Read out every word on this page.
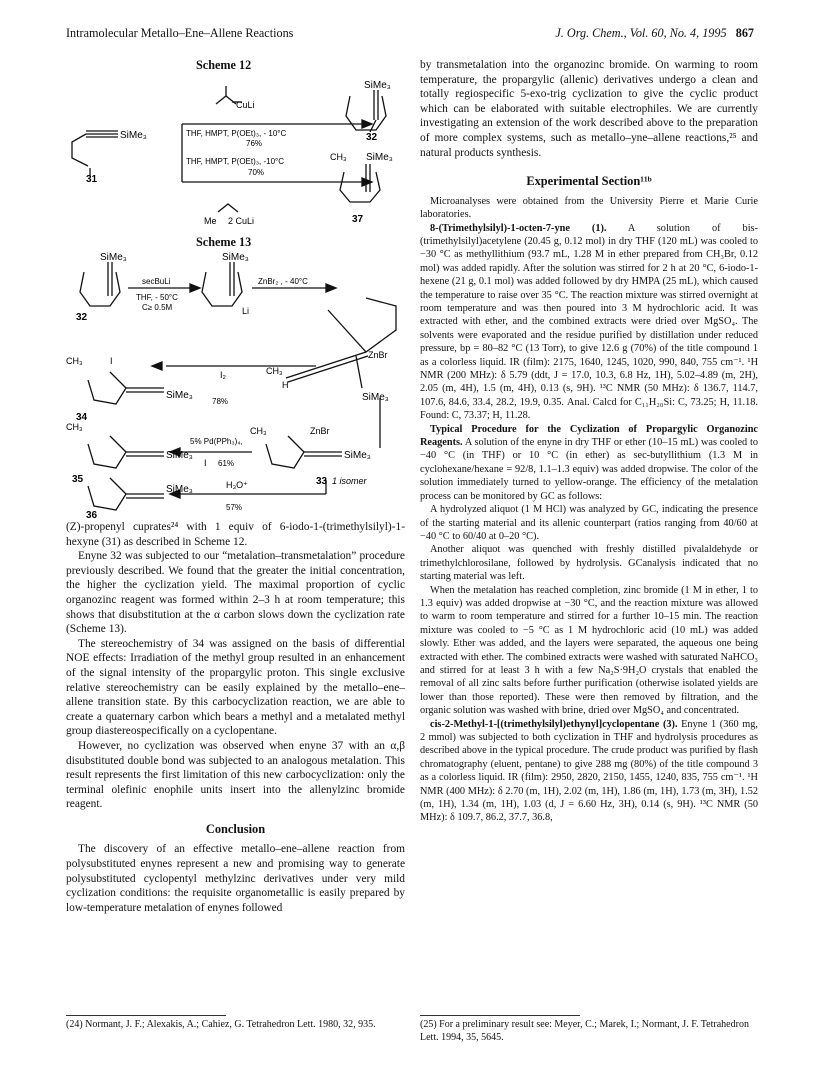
Intramolecular Metallo–Ene–Allene Reactions	J. Org. Chem., Vol. 60, No. 4, 1995 867
Scheme 12
SiMe₃
31
CuLi
THF, HMPT, P(OEt)₃, - 10°C
76%
THF, HMPT, P(OEt)₃, -10°C
70%
Me 2 CuLi
SiMe₃
32
CH₃ SiMe₃
37
Scheme 13
SiMe₃
secBuLi
THF, - 50°C
C≥ 0.5M
32
SiMe₃
Li
ZnBr₂ , - 40°C
CH₃
H
ZnBr
SiMe₃
CH₃	I
SiMe₃
I₂
78%
34
CH₃
SiMe₃
5% Pd(PPh₃)₄,
I 61%
35
CH₃	ZnBr
SiMe₃
33 1 isomer
SiMe₃	H₃O⁺
57%
36

(Z)-propenyl cuprates²⁴ with 1 equiv of 6-iodo-1-(trimethylsilyl)-1-hexyne (31) as described in Scheme 12.

Enyne 32 was subjected to our “metalation–transmetalation” procedure previously described. We found that the greater the initial concentration, the higher the cyclization yield. The maximal proportion of cyclic organozinc reagent was formed within 2–3 h at room temperature; this shows that disubstitution at the α carbon slows down the cyclization rate (Scheme 13).

The stereochemistry of 34 was assigned on the basis of differential NOE effects: Irradiation of the methyl group resulted in an enhancement of the signal intensity of the propargylic proton. This single exclusive relative stereochemistry can be easily explained by the metallo–ene–allene transition state. By this carbocyclization reaction, we are able to create a quaternary carbon which bears a methyl and a metalated methyl group diastereospecifically on a cyclopentane.

However, no cyclization was observed when enyne 37 with an α,β disubstituted double bond was subjected to an analogous metalation. This result represents the first limitation of this new carbocyclization: only the terminal olefinic enophile units insert into the allenylzinc bromide reagent.

Conclusion

The discovery of an effective metallo–ene–allene reaction from polysubstituted enynes represent a new and promising way to generate polysubstituted cyclopentyl methylzinc derivatives under very mild cyclization conditions: the requisite organometallic is easily prepared by low-temperature metalation of enynes followed

(24) Normant, J. F.; Alexakis, A.; Cahiez, G. Tetrahedron Lett. 1980, 32, 935.

by transmetalation into the organozinc bromide. On warming to room temperature, the propargylic (allenic) derivatives undergo a clean and totally regiospecific 5-exo-trig cyclization to give the cyclic product which can be elaborated with suitable electrophiles. We are currently investigating an extension of the work described above to the preparation of more complex systems, such as metallo–yne–allene reactions,²⁵ and natural products synthesis.

Experimental Section¹¹ᵇ

Microanalyses were obtained from the University Pierre et Marie Curie laboratories.

8-(Trimethylsilyl)-1-octen-7-yne (1). A solution of bis-(trimethylsilyl)acetylene (20.45 g, 0.12 mol) in dry THF (120 mL) was cooled to −30 °C as methyllithium (93.7 mL, 1.28 M in ether prepared from CH₃Br, 0.12 mol) was added rapidly. After the solution was stirred for 2 h at 20 °C, 6-iodo-1-hexene (21 g, 0.1 mol) was added followed by dry HMPA (25 mL), which caused the temperature to raise over 35 °C. The reaction mixture was stirred overnight at room temperature and was then poured into 3 M hydrochloric acid. It was extracted with ether, and the combined extracts were dried over MgSO₄. The solvents were evaporated and the residue purified by distillation under reduced pressure, bp = 80–82 °C (13 Torr), to give 12.6 g (70%) of the title compound 1 as a colorless liquid. IR (film): 2175, 1640, 1245, 1020, 990, 840, 755 cm⁻¹. ¹H NMR (200 MHz): δ 5.79 (ddt, J = 17.0, 10.3, 6.8 Hz, 1H), 5.02–4.89 (m, 2H), 2.05 (m, 4H), 1.5 (m, 4H), 0.13 (s, 9H). ¹³C NMR (50 MHz): δ 136.7, 114.7, 107.6, 84.6, 33.4, 28.2, 19.9, 0.35. Anal. Calcd for C₁₁H₂₀Si: C, 73.25; H, 11.18. Found: C, 73.37; H, 11.28.

Typical Procedure for the Cyclization of Propargylic Organozinc Reagents. A solution of the enyne in dry THF or ether (10–15 mL) was cooled to −40 °C (in THF) or 10 °C (in ether) as sec-butyllithium (1.3 M in cyclohexane/hexane = 92/8, 1.1–1.3 equiv) was added dropwise. The color of the solution immediately turned to yellow-orange. The efficiency of the metalation process can be monitored by GC as follows:

A hydrolyzed aliquot (1 M HCl) was analyzed by GC, indicating the presence of the starting material and its allenic counterpart (ratios ranging from 40/60 at −40 °C to 60/40 at 0–20 °C).

Another aliquot was quenched with freshly distilled pivalaldehyde or trimethylchlorosilane, followed by hydrolysis. GCanalysis indicated that no starting material was left.

When the metalation has reached completion, zinc bromide (1 M in ether, 1 to 1.3 equiv) was added dropwise at −30 °C, and the reaction mixture was allowed to warm to room temperature and stirred for a further 10–15 min. The reaction mixture was cooled to −5 °C as 1 M hydrochloric acid (10 mL) was added slowly. Ether was added, and the layers were separated, the aqueous one being extracted with ether. The combined extracts were washed with saturated NaHCO₃ and stirred for at least 3 h with a few Na₂S·9H₂O crystals that enabled the removal of all zinc salts before further purification (otherwise isolated yields are lower than those reported). These were then removed by filtration, and the organic solution was washed with brine, dried over MgSO₄ and concentrated.

cis-2-Methyl-1-[(trimethylsilyl)ethynyl]cyclopentane (3). Enyne 1 (360 mg, 2 mmol) was subjected to both cyclization in THF and hydrolysis procedures as described above in the typical procedure. The crude product was purified by flash chromatography (eluent, pentane) to give 288 mg (80%) of the title compound 3 as a colorless liquid. IR (film): 2950, 2820, 2150, 1455, 1240, 835, 755 cm⁻¹. ¹H NMR (400 MHz): δ 2.70 (m, 1H), 2.02 (m, 1H), 1.86 (m, 1H), 1.73 (m, 3H), 1.52 (m, 1H), 1.34 (m, 1H), 1.03 (d, J = 6.60 Hz, 3H), 0.14 (s, 9H). ¹³C NMR (50 MHz): δ 109.7, 86.2, 37.7, 36.8,

(25) For a preliminary result see: Meyer, C.; Marek, I.; Normant, J. F. Tetrahedron Lett. 1994, 35, 5645.
